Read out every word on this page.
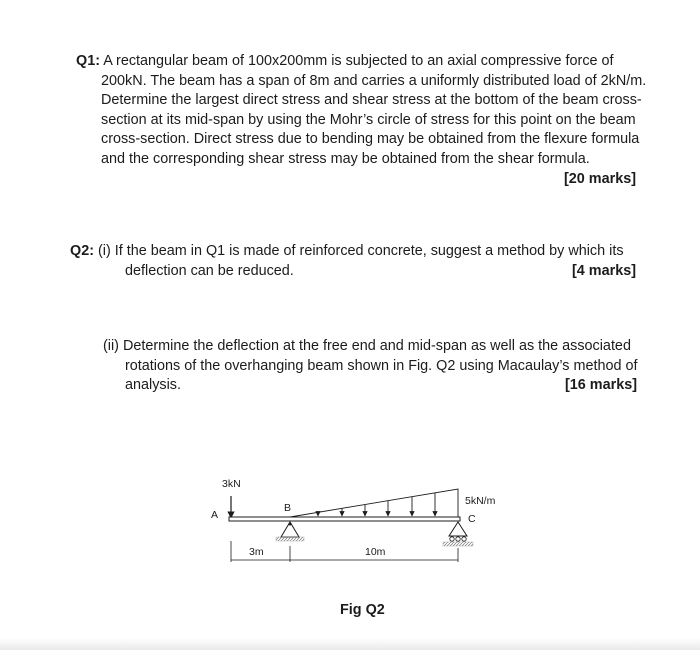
Q1: A rectangular beam of 100x200mm is subjected to an axial compressive force of
200kN. The beam has a span of 8m and carries a uniformly distributed load of 2kN/m.
Determine the largest direct stress and shear stress at the bottom of the beam cross-
section at its mid-span by using the Mohr’s circle of stress for this point on the beam
cross-section. Direct stress due to bending may be obtained from the flexure formula
and the corresponding shear stress may be obtained from the shear formula.
[20 marks]
Q2: (i) If the beam in Q1 is made of reinforced concrete, suggest a method by which its
deflection can be reduced.	[4 marks]
(ii) Determine the deflection at the free end and mid-span as well as the associated
rotations of the overhanging beam shown in Fig. Q2 using Macaulay’s method of
analysis.	[16 marks]
3kN
A
B
5kN/m
C
3m	10m
Fig Q2
